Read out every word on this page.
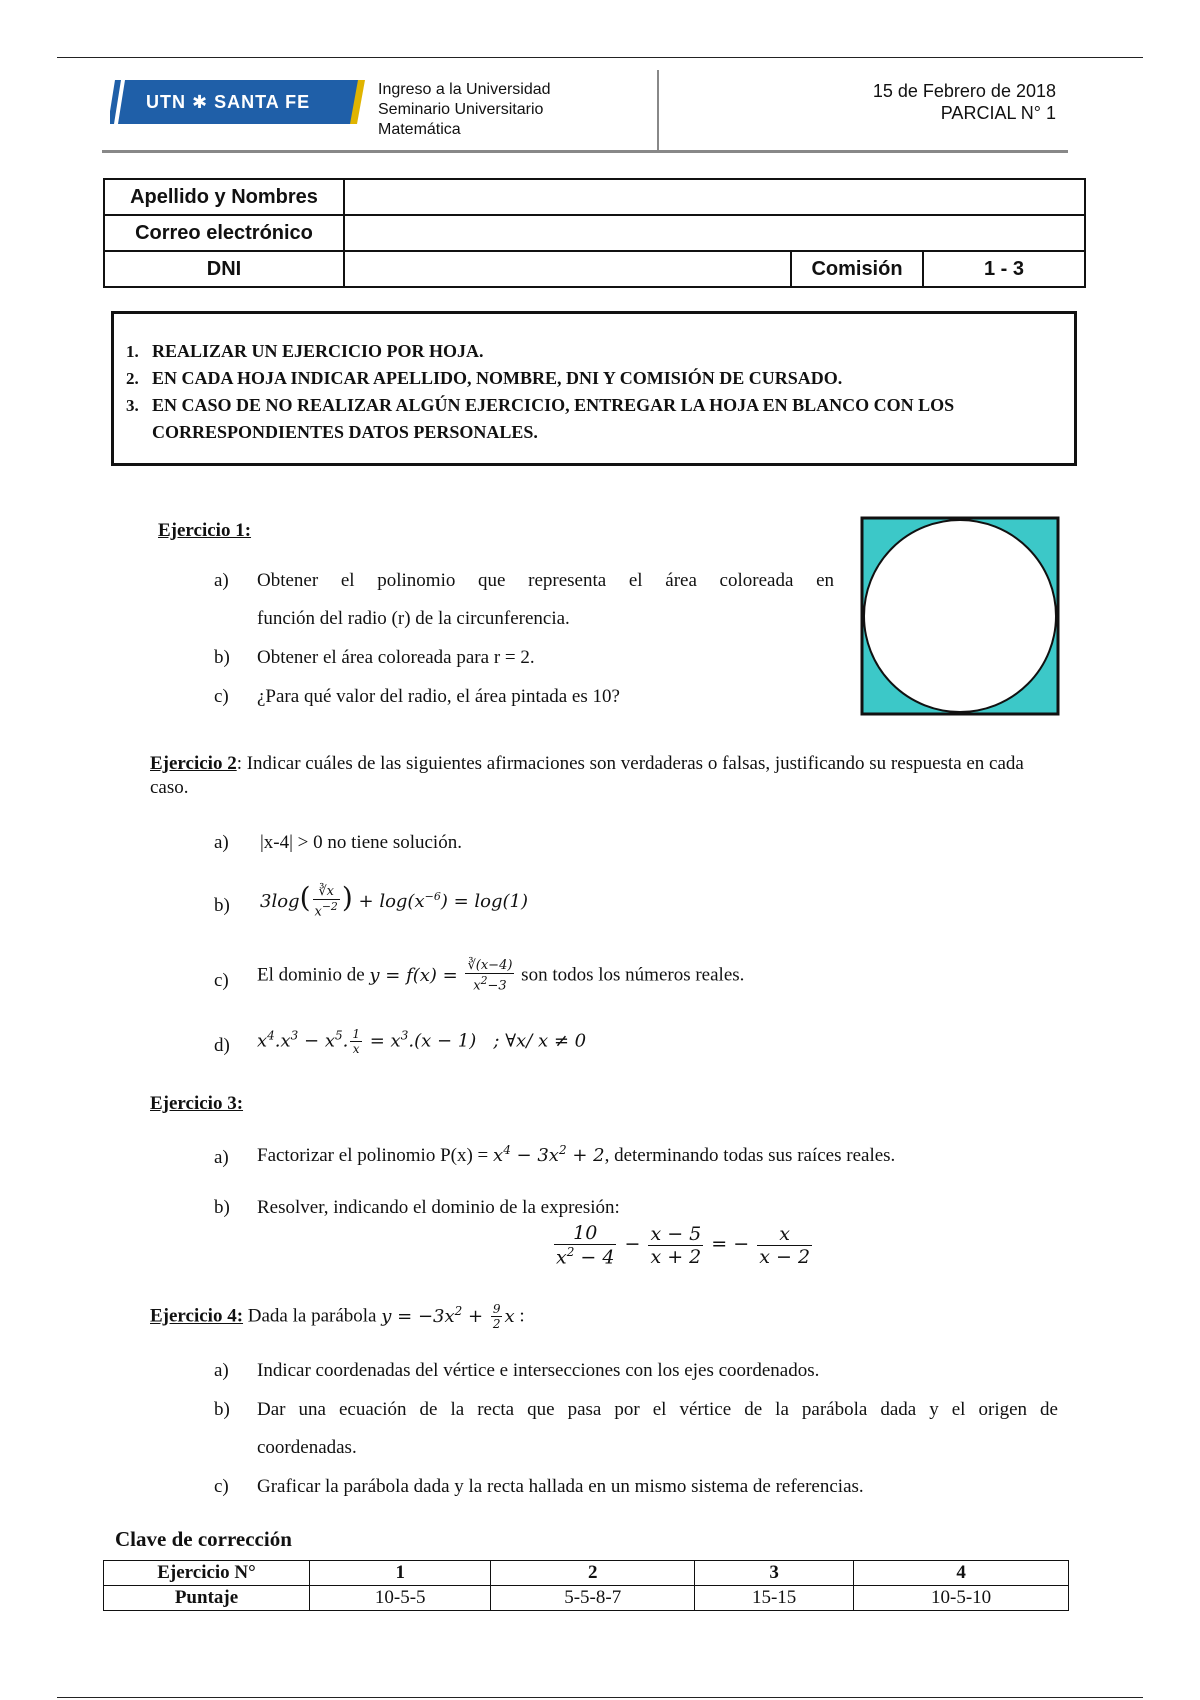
UTN ✱ SANTA FE
Ingreso a la Universidad
Seminario Universitario
Matemática
15 de Febrero de 2018
PARCIAL N° 1
Apellido y Nombres			
Correo electrónico			
DNI		Comisión	1 - 3
1. REALIZAR UN EJERCICIO POR HOJA.
2. EN CADA HOJA INDICAR APELLIDO, NOMBRE, DNI Y COMISIÓN DE CURSADO.
3. EN CASO DE NO REALIZAR ALGÚN EJERCICIO, ENTREGAR LA HOJA EN BLANCO CON LOS CORRESPONDIENTES DATOS PERSONALES.
Ejercicio 1:
a) Obtener el polinomio que representa el área coloreada en
función del radio (r) de la circunferencia.
b) Obtener el área coloreada para r = 2.
c) ¿Para qué valor del radio, el área pintada es 10?
Ejercicio 2: Indicar cuáles de las siguientes afirmaciones son verdaderas o falsas, justificando su respuesta en cada caso.
a) |x-4| > 0 no tiene solución.
b) $3\log( \frac{∛x}{x^{-2}}$ ) + $\log(x^{-6}) = \log(1)$
c) El dominio de $y = f(x) = \frac{∛(x-4)}{x^2-3}$ son todos los números reales.
d) $x^4.x^3 - x^5$. $\frac{1}{x} = x^3.(x - 1)$   ; ∀x/ x ≠ 0
Ejercicio 3:
a) Factorizar el polinomio $P(x) = x^4 - 3x^2 + 2$, determinando todas sus raíces reales.
b) Resolver, indicando el dominio de la expresión:
$\frac{10}{x^2 - 4} - \frac{x - 5}{x + 2}$ = − $\frac{x}{x - 2}$
Ejercicio 4: Dada la parábola $y = -3x^2 + \frac{9}{2}$ x :
a) Indicar coordenadas del vértice e intersecciones con los ejes coordenados.
b) Dar una ecuación de la recta que pasa por el vértice de la parábola dada y el origen de
coordenadas.
c) Graficar la parábola dada y la recta hallada en un mismo sistema de referencias.
Clave de corrección
Ejercicio N°	1	2	3	4
Puntaje	10-5-5	5-5-8-7	15-15	10-5-10
